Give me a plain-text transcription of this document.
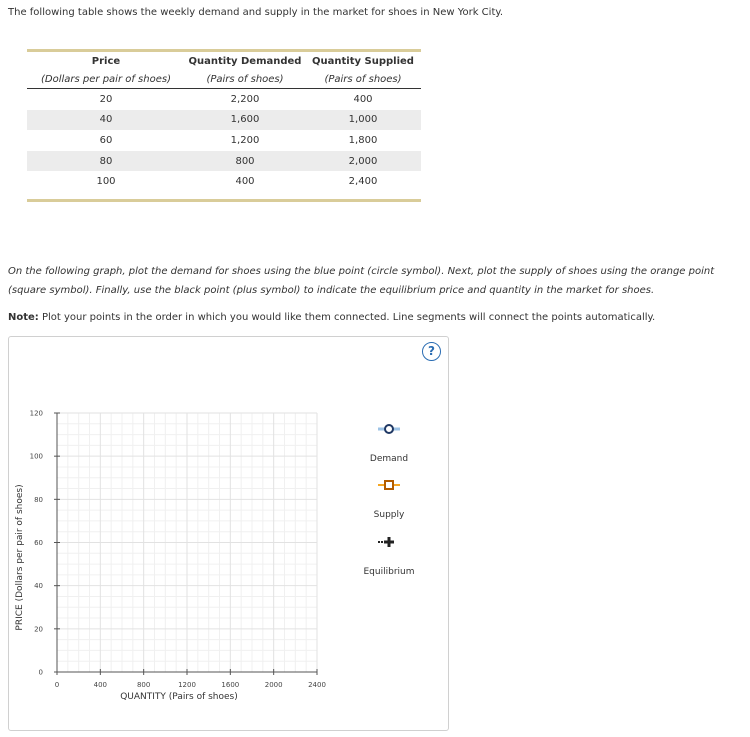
The following table shows the weekly demand and supply in the market for shoes in New York City.
Price	Quantity Demanded	Quantity Supplied
(Dollars per pair of shoes)	(Pairs of shoes)	(Pairs of shoes)
20	2,200	400
40	1,600	1,000
60	1,200	1,800
80	800	2,000
100	400	2,400
On the following graph, plot the demand for shoes using the blue point (circle symbol). Next, plot the supply of shoes using the orange point (square symbol). Finally, use the black point (plus symbol) to indicate the equilibrium price and quantity in the market for shoes.
Note: Plot your points in the order in which you would like them connected. Line segments will connect the points automatically.
?
0
20
40
60
80
100
120
0	400	800	1200	1600	2000	2400
QUANTITY (Pairs of shoes)
PRICE (Dollars per pair of shoes)
Demand
Supply
Equilibrium
